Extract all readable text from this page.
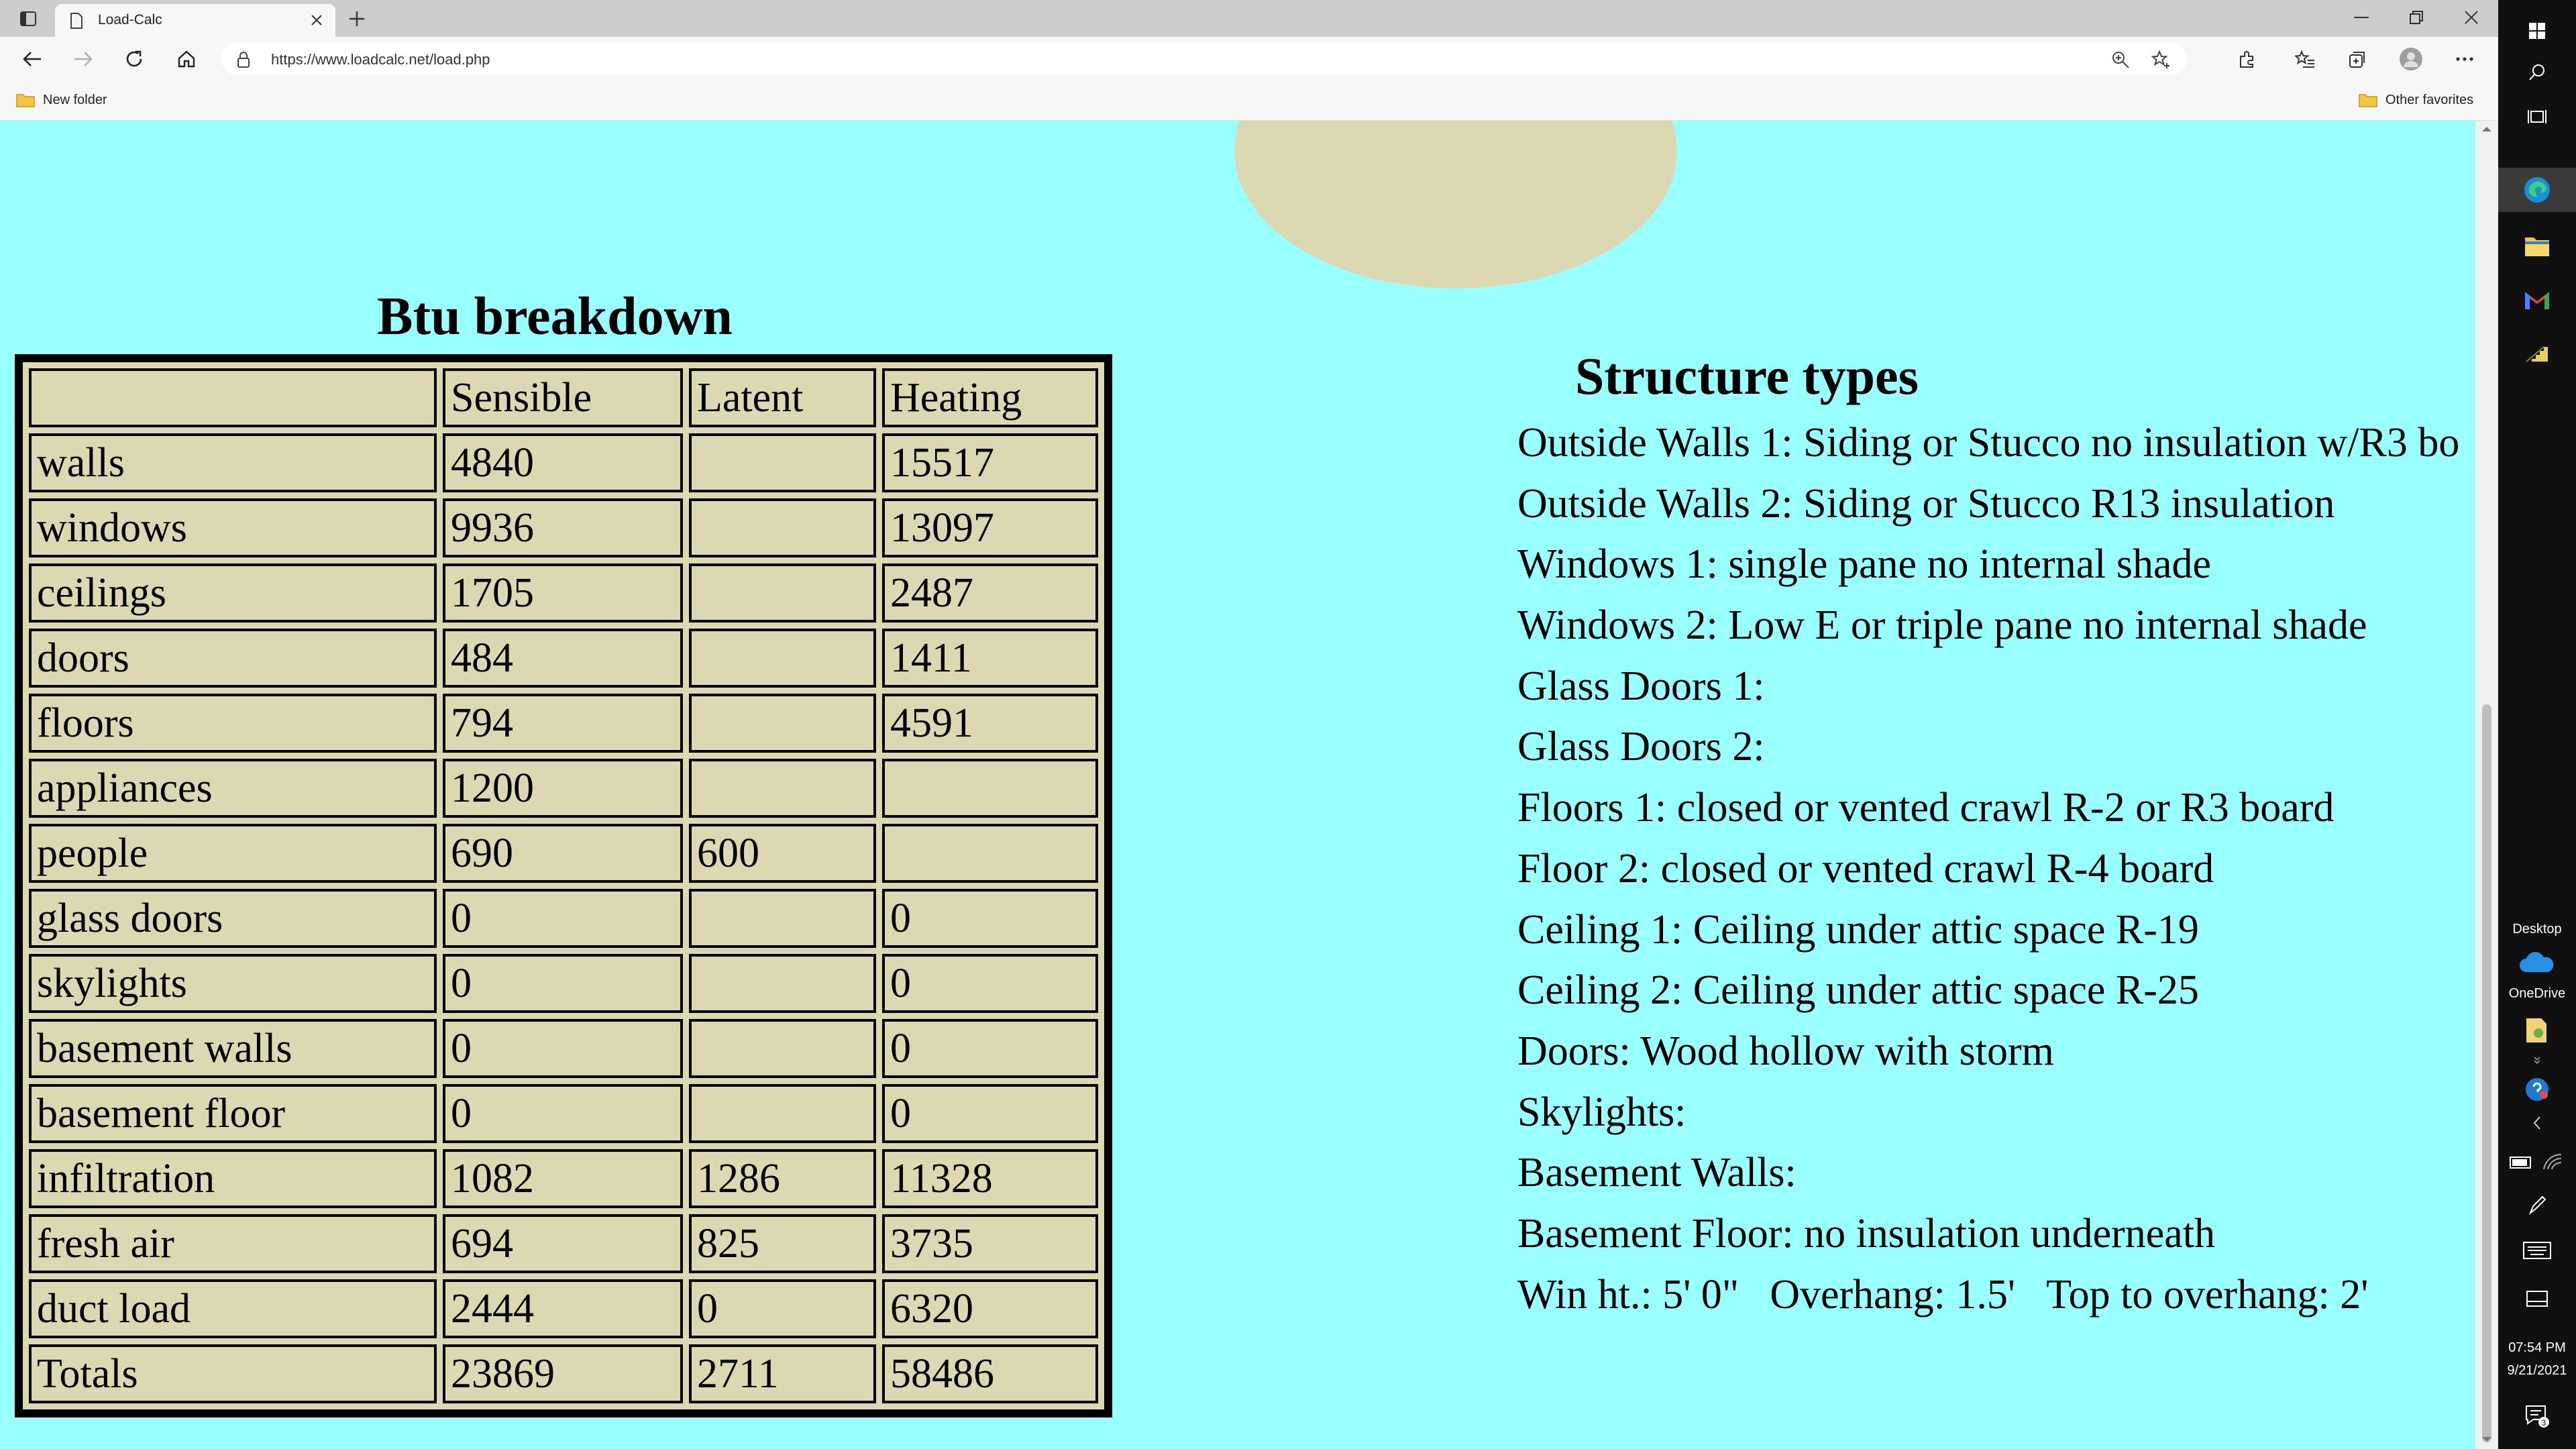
Load-Calc
https://www.loadcalc.net/load.php
New folder	Other favorites
Btu breakdown
	Sensible	Latent	Heating
walls	4840		15517
windows	9936		13097
ceilings	1705		2487
doors	484		1411
floors	794		4591
appliances	1200		
people	690	600	
glass doors	0		0
skylights	0		0
basement walls	0		0
basement floor	0		0
infiltration	1082	1286	11328
fresh air	694	825	3735
duct load	2444	0	6320
Totals	23869	2711	58486
Structure types
Outside Walls 1: Siding or Stucco no insulation w/R3 bo
Outside Walls 2: Siding or Stucco R13 insulation
Windows 1: single pane no internal shade
Windows 2: Low E or triple pane no internal shade
Glass Doors 1:
Glass Doors 2:
Floors 1: closed or vented crawl R-2 or R3 board
Floor 2: closed or vented crawl R-4 board
Ceiling 1: Ceiling under attic space R-19
Ceiling 2: Ceiling under attic space R-25
Doors: Wood hollow with storm
Skylights:
Basement Walls:
Basement Floor: no insulation underneath
Win ht.: 5' 0" Overhang: 1.5' Top to overhang: 2'
Desktop
OneDrive
07:54 PM
9/21/2021
3
